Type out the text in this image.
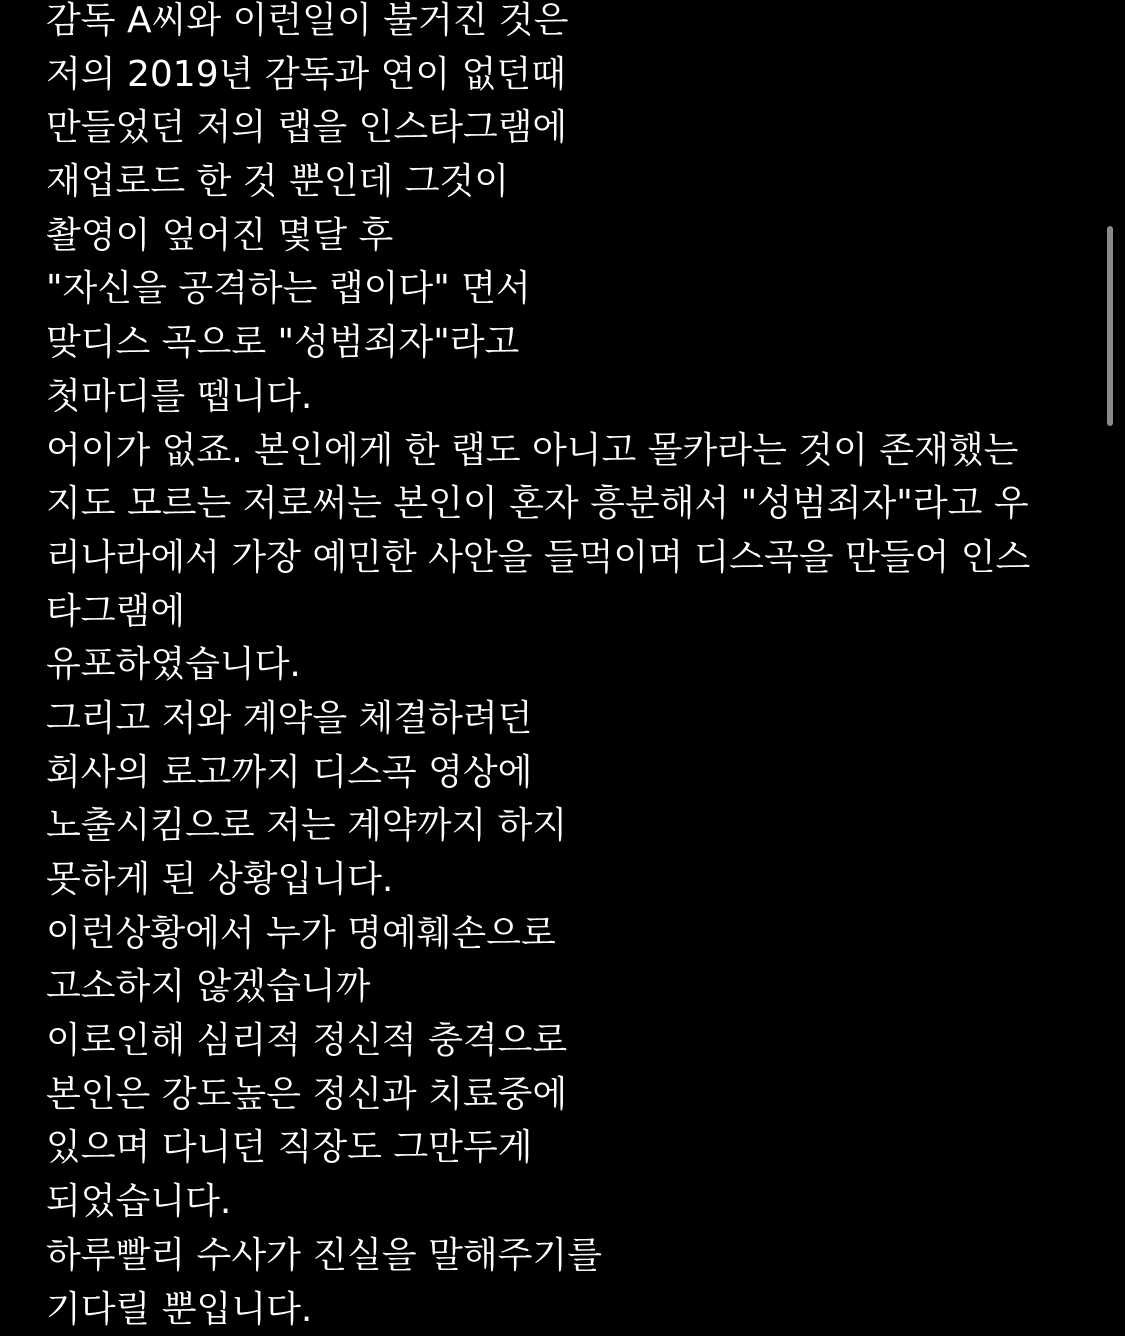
감독 A씨와 이런일이 불거진 것은
저의 2019년 감독과 연이 없던때
만들었던 저의 랩을 인스타그램에
재업로드 한 것 뿐인데 그것이
촬영이 엎어진 몇달 후
"자신을 공격하는 랩이다" 면서
맞디스 곡으로 "성범죄자"라고
첫마디를 뗍니다.
어이가 없죠. 본인에게 한 랩도 아니고 몰카라는 것이 존재했는
지도 모르는 저로써는 본인이 혼자 흥분해서 "성범죄자"라고 우
리나라에서 가장 예민한 사안을 들먹이며 디스곡을 만들어 인스
타그램에
유포하였습니다.
그리고 저와 계약을 체결하려던
회사의 로고까지 디스곡 영상에
노출시킴으로 저는 계약까지 하지
못하게 된 상황입니다.
이런상황에서 누가 명예훼손으로
고소하지 않겠습니까
이로인해 심리적 정신적 충격으로
본인은 강도높은 정신과 치료중에
있으며 다니던 직장도 그만두게
되었습니다.
하루빨리 수사가 진실을 말해주기를
기다릴 뿐입니다.
